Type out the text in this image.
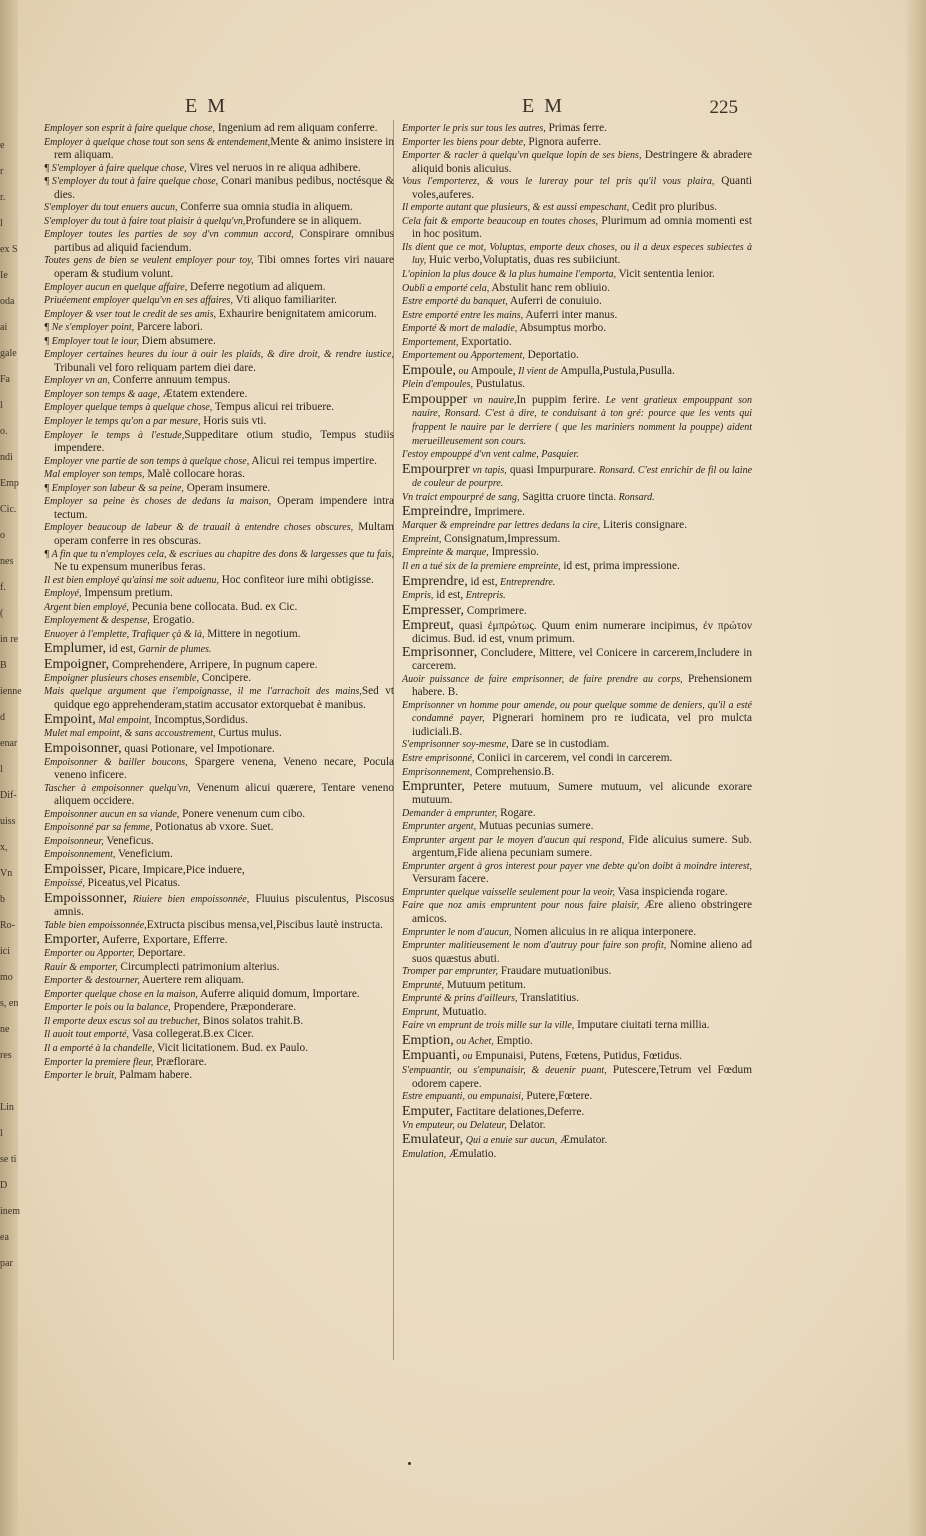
e
r
r.
l
ex S
Ie
oda
ai
gale
Fa
l
o.
ndi
Emp
Cic.
o
nes
f.
(
in re
B
ienne
d
enar
l
Dif-
uiss
x,
Vn
b
Ro-
ici
mo
s, en
ne
res
Lin
l
se ti
D
inem
ea
par
EM	EM	225
Employer son esprit à faire quelque chose, Ingenium ad rem aliquam conferre.
Employer à quelque chose tout son sens & entendement,Mente & animo insistere in rem aliquam.
¶ S'employer à faire quelque chose, Vires vel neruos in re aliqua adhibere.
¶ S'employer du tout à faire quelque chose, Conari manibus pedibus, noctésque & dies.
S'employer du tout enuers aucun, Conferre sua omnia studia in aliquem.
S'employer du tout à faire tout plaisir à quelqu'vn,Profundere se in aliquem.
Employer toutes les parties de soy d'vn commun accord, Conspirare omnibus partibus ad aliquid faciendum.
Toutes gens de bien se veulent employer pour toy, Tibi omnes fortes viri nauare operam & studium volunt.
Employer aucun en quelque affaire, Deferre negotium ad aliquem.
Priuéement employer quelqu'vn en ses affaires, Vti aliquo familiariter.
Employer & vser tout le credit de ses amis, Exhaurire benignitatem amicorum.
¶ Ne s'employer point, Parcere labori.
¶ Employer tout le iour, Diem absumere.
Employer certaines heures du iour à ouir les plaids, & dire droit, & rendre iustice, Tribunali vel foro reliquam partem diei dare.
Employer vn an, Conferre annuum tempus.
Employer son temps & aage, Ætatem extendere.
Employer quelque temps à quelque chose, Tempus alicui rei tribuere.
Employer le temps qu'on a par mesure, Horis suis vti.
Employer le temps à l'estude,Suppeditare otium studio, Tempus studiis impendere.
Employer vne partie de son temps à quelque chose, Alicui rei tempus impertire.
Mal employer son temps, Malè collocare horas.
¶ Employer son labeur & sa peine, Operam insumere.
Employer sa peine ès choses de dedans la maison, Operam impendere intra tectum.
Employer beaucoup de labeur & de trauail à entendre choses obscures, Multam operam conferre in res obscuras.
¶ A fin que tu n'employes cela, & escriues au chapitre des dons & largesses que tu fais, Ne tu expensum muneribus feras.
Il est bien employé qu'ainsi me soit aduenu, Hoc confiteor iure mihi obtigisse.
Employé, Impensum pretium.
Argent bien employé, Pecunia bene collocata. Bud. ex Cic.
Employement & despense, Erogatio.
Enuoyer à l'emplette, Trafiquer çà & là, Mittere in negotium.
Emplumer, id est, Garnir de plumes.
Empoigner, Comprehendere, Arripere, In pugnum capere.
Empoigner plusieurs choses ensemble, Concipere.
Mais quelque argument que i'empoignasse, il me l'arrachoit des mains,Sed vt quidque ego apprehenderam,statim accusator extorquebat è manibus.
Empoint, Mal empoint, Incomptus,Sordidus.
Mulet mal empoint, & sans accoustrement, Curtus mulus.
Empoisonner, quasi Potionare, vel Impotionare.
Empoisonner & bailler boucons, Spargere venena, Veneno necare, Pocula veneno inficere.
Tascher à empoisonner quelqu'vn, Venenum alicui quærere, Tentare veneno aliquem occidere.
Empoisonner aucun en sa viande, Ponere venenum cum cibo.
Empoisonné par sa femme, Potionatus ab vxore. Suet.
Empoisonneur, Veneficus.
Empoisonnement, Veneficium.
Empoisser, Picare, Impicare,Pice induere,
Empoissé, Piceatus,vel Picatus.
Empoissonner, Riuiere bien empoissonnée, Fluuius pisculentus, Piscosus amnis.
Table bien empoissonnée,Extructa piscibus mensa,vel,Piscibus lautè instructa.
Emporter, Auferre, Exportare, Efferre.
Emporter ou Apporter, Deportare.
Rauir & emporter, Circumplecti patrimonium alterius.
Emporter & destourner, Auertere rem aliquam.
Emporter quelque chose en la maison, Auferre aliquid domum, Importare.
Emporter le pois ou la balance, Propendere, Præponderare.
Il emporte deux escus sol au trebuchet, Binos solatos trahit.B.
Il auoit tout emporté, Vasa collegerat.B.ex Cicer.
Il a emporté à la chandelle, Vicit licitationem. Bud. ex Paulo.
Emporter la premiere fleur, Præflorare.
Emporter le bruit, Palmam habere.
Emporter le pris sur tous les autres, Primas ferre.
Emporter les biens pour debte, Pignora auferre.
Emporter & racler à quelqu'vn quelque lopin de ses biens, Destringere & abradere aliquid bonis alicuius.
Vous l'emporterez, & vous le lureray pour tel pris qu'il vous plaira, Quanti voles,auferes.
Il emporte autant que plusieurs, & est aussi empeschant, Cedit pro pluribus.
Cela fait & emporte beaucoup en toutes choses, Plurimum ad omnia momenti est in hoc positum.
Ils dient que ce mot, Voluptas, emporte deux choses, ou il a deux especes subiectes à luy, Huic verbo,Voluptatis, duas res subiiciunt.
L'opinion la plus douce & la plus humaine l'emporta, Vicit sententia lenior.
Oubli a emporté cela, Abstulit hanc rem obliuio.
Estre emporté du banquet, Auferri de conuiuio.
Estre emporté entre les mains, Auferri inter manus.
Emporté & mort de maladie, Absumptus morbo.
Emportement, Exportatio.
Emportement ou Apportement, Deportatio.
Empoule, ou Ampoule, Il vient de Ampulla,Pustula,Pusulla.
Plein d'empoules, Pustulatus.
Empoupper vn nauire,In puppim ferire. Le vent gratieux empouppant son nauire, Ronsard. C'est à dire, te conduisant à ton gré: pource que les vents qui frappent le nauire par le derriere ( que les mariniers nomment la pouppe) aident merueilleusement son cours.
I'estoy empouppé d'vn vent calme, Pasquier.
Empourprer vn tapis, quasi Impurpurare. Ronsard. C'est enrichir de fil ou laine de couleur de pourpre.
Vn traict empourpré de sang, Sagitta cruore tincta. Ronsard.
Empreindre, Imprimere.
Marquer & empreindre par lettres dedans la cire, Literis consignare.
Empreint, Consignatum,Impressum.
Empreinte & marque, Impressio.
Il en a tué six de la premiere empreinte, id est, prima impressione.
Emprendre, id est, Entreprendre.
Empris, id est, Entrepris.
Empresser, Comprimere.
Empreut, quasi ἐμπρώτως. Quum enim numerare incipimus, ἐν πρώτον dicimus. Bud. id est, vnum primum.
Emprisonner, Concludere, Mittere, vel Conicere in carcerem,Includere in carcerem.
Auoir puissance de faire emprisonner, de faire prendre au corps, Prehensionem habere. B.
Emprisonner vn homme pour amende, ou pour quelque somme de deniers, qu'il a esté condamné payer, Pignerari hominem pro re iudicata, vel pro mulcta iudiciali.B.
S'emprisonner soy-mesme, Dare se in custodiam.
Estre emprisonné, Coniici in carcerem, vel condi in carcerem.
Emprisonnement, Comprehensio.B.
Emprunter, Petere mutuum, Sumere mutuum, vel alicunde exorare mutuum.
Demander à emprunter, Rogare.
Emprunter argent, Mutuas pecunias sumere.
Emprunter argent par le moyen d'aucun qui respond, Fide alicuius sumere. Sub. argentum,Fide aliena pecuniam sumere.
Emprunter argent à gros interest pour payer vne debte qu'on doibt à moindre interest, Versuram facere.
Emprunter quelque vaisselle seulement pour la veoir, Vasa inspicienda rogare.
Faire que noz amis empruntent pour nous faire plaisir, Ære alieno obstringere amicos.
Emprunter le nom d'aucun, Nomen alicuius in re aliqua interponere.
Emprunter malitieusement le nom d'autruy pour faire son profit, Nomine alieno ad suos quæstus abuti.
Tromper par emprunter, Fraudare mutuationibus.
Emprunté, Mutuum petitum.
Emprunté & prins d'ailleurs, Translatitius.
Emprunt, Mutuatio.
Faire vn emprunt de trois mille sur la ville, Imputare ciuitati terna millia.
Emption, ou Achet, Emptio.
Empuanti, ou Empunaisi, Putens, Fœtens, Putidus, Fœtidus.
S'empuantir, ou s'empunaisir, & deuenir puant, Putescere,Tetrum vel Fœdum odorem capere.
Estre empuanti, ou empunaisi, Putere,Fœtere.
Emputer, Factitare delationes,Deferre.
Vn emputeur, ou Delateur, Delator.
Emulateur, Qui a enuie sur aucun, Æmulator.
Emulation, Æmulatio.
